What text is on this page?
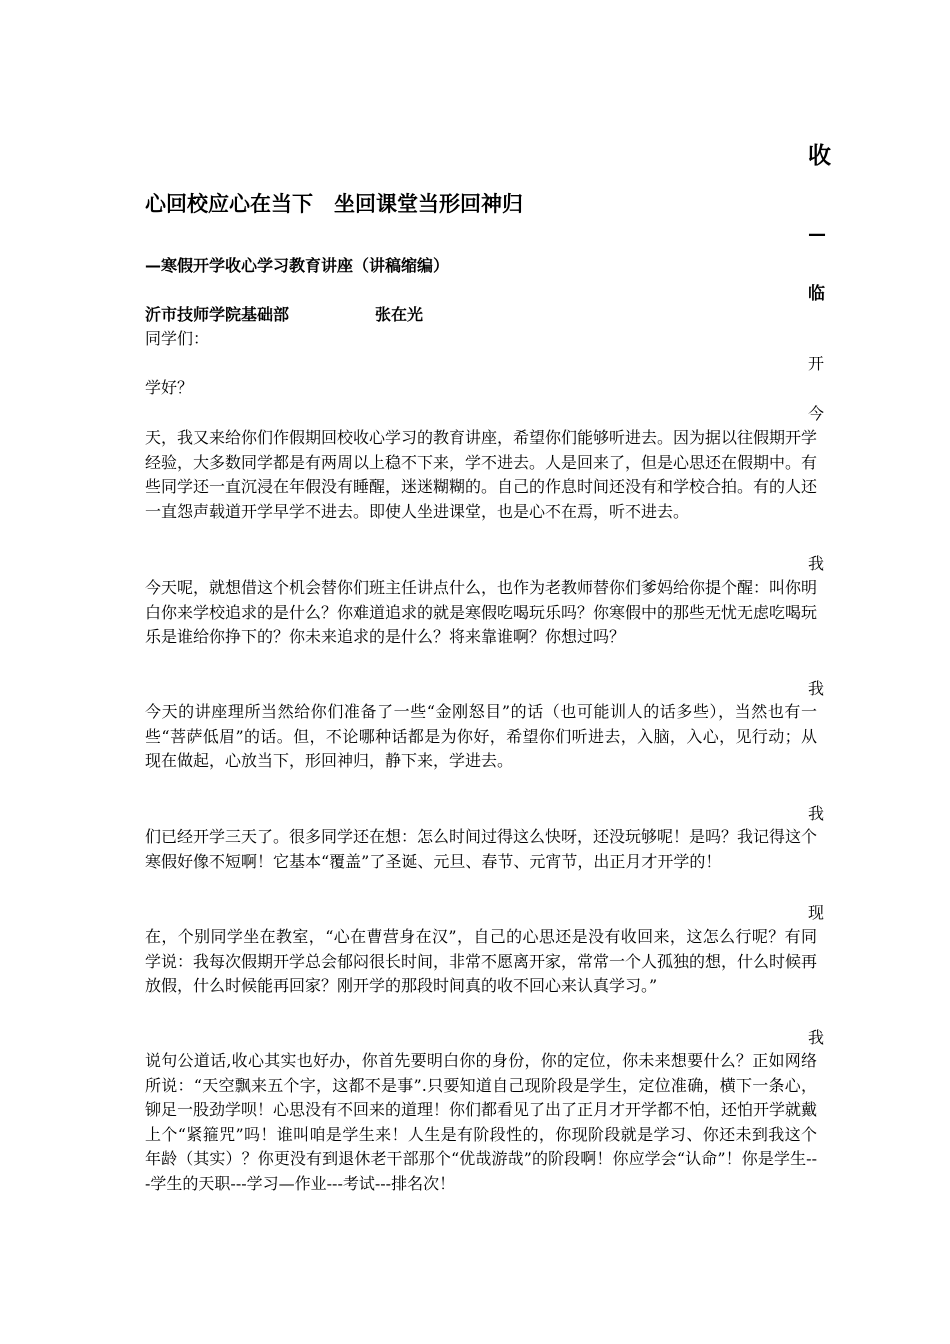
心回校应心在当下　坐回课堂当形回神归
—寒假开学收心学习教育讲座（讲稿缩编）
沂市技师学院基础部	张在光
收
—
临
开
今
我
我
我
现
我
同学们：
学好？
天，我又来给你们作假期回校收心学习的教育讲座，希望你们能够听进去。因为据以往假期开学经验，大多数同学都是有两周以上稳不下来，学不进去。人是回来了，但是心思还在假期中。有些同学还一直沉浸在年假没有睡醒，迷迷糊糊的。自己的作息时间还没有和学校合拍。有的人还一直怨声载道开学早学不进去。即使人坐进课堂，也是心不在焉，听不进去。
今天呢，就想借这个机会替你们班主任讲点什么，也作为老教师替你们爹妈给你提个醒：叫你明白你来学校追求的是什么？你难道追求的就是寒假吃喝玩乐吗？你寒假中的那些无忧无虑吃喝玩乐是谁给你挣下的？你未来追求的是什么？将来靠谁啊？你想过吗？
今天的讲座理所当然给你们准备了一些“金刚怒目”的话（也可能训人的话多些），当然也有一些“菩萨低眉”的话。但，不论哪种话都是为你好，希望你们听进去，入脑，入心，见行动；从现在做起，心放当下，形回神归，静下来，学进去。
们已经开学三天了。很多同学还在想：怎么时间过得这么快呀，还没玩够呢！是吗？我记得这个寒假好像不短啊！它基本“覆盖”了圣诞、元旦、春节、元宵节，出正月才开学的！
在，个别同学坐在教室，“心在曹营身在汉”，自己的心思还是没有收回来，这怎么行呢？有同学说：我每次假期开学总会郁闷很长时间，非常不愿离开家，常常一个人孤独的想，什么时候再放假，什么时候能再回家？刚开学的那段时间真的收不回心来认真学习。”
说句公道话,收心其实也好办，你首先要明白你的身份，你的定位，你未来想要什么？正如网络所说：“天空飘来五个字，这都不是事”.只要知道自己现阶段是学生，定位准确，横下一条心，铆足一股劲学呗！心思没有不回来的道理！你们都看见了出了正月才开学都不怕，还怕开学就戴上个“紧箍咒”吗！谁叫咱是学生来！人生是有阶段性的，你现阶段就是学习、你还未到我这个年龄（其实）？你更没有到退休老干部那个“优哉游哉”的阶段啊！你应学会“认命”！你是学生---学生的天职---学习—作业---考试---排名次！
